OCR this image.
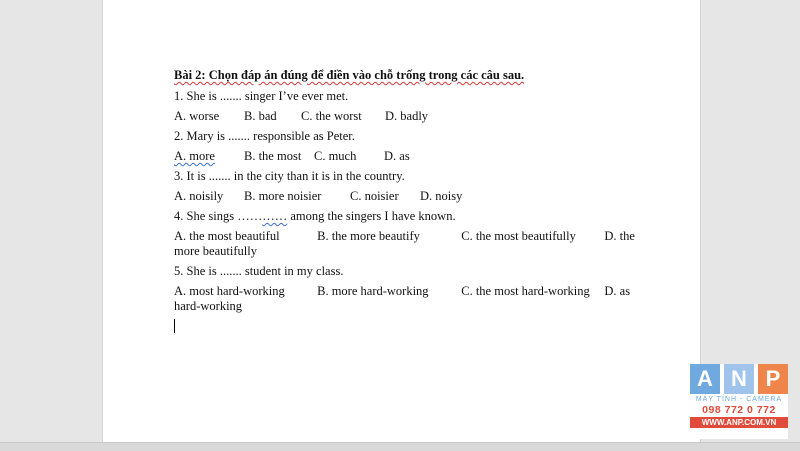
Bài 2: Chọn đáp án đúng để điền vào chỗ trống trong các câu sau.
1. She is ....... singer I’ve ever met.
A. worse	B. bad	C. the worst	D. badly
2. Mary is ....... responsible as Peter.
A. more	B. the most	C. much	D. as
3. It is ....... in the city than it is in the country.
A. noisily	B. more noisier	C. noisier	D. noisy
4. She sings ………… among the singers I have known.
A. the most beautiful	B. the more beautify	C. the most beautifully D. the more beautifully
5. She is ....... student in my class.
A. most hard-working	B. more hard-working	C. the most hard-working D. as hard-working
A N P
MÁY TÍNH - CAMERA
098 772 0 772
WWW.ANP.COM.VN
